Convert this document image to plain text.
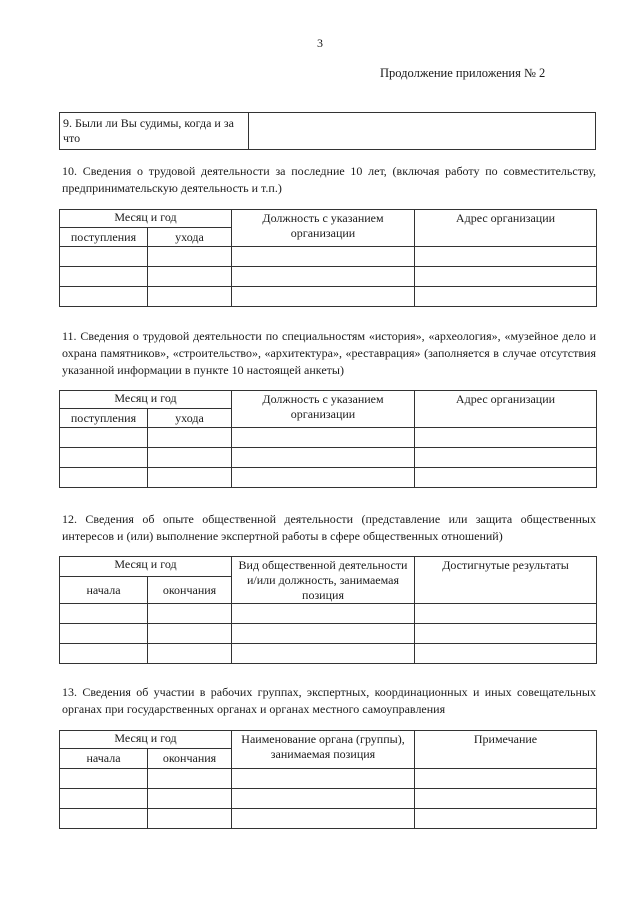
3
Продолжение приложения № 2
9. Были ли Вы судимы, когда и за что
10. Сведения о трудовой деятельности за последние 10 лет, (включая работу по совместительству, предпринимательскую деятельность и т.п.)
Месяц и год		Должность с указанием организации	Адрес организации
поступления	ухода		

11. Сведения о трудовой деятельности по специальностям «история», «археология», «музейное дело и охрана памятников», «строительство», «архитектура», «реставрация» (заполняется в случае отсутствия указанной информации в пункте 10 настоящей анкеты)
Месяц и год		Должность с указанием организации	Адрес организации
поступления	ухода		

12. Сведения об опыте общественной деятельности (представление или защита общественных интересов и (или) выполнение экспертной работы в сфере общественных отношений)
Месяц и год		Вид общественной деятельности и/или должность, занимаемая позиция	Достигнутые результаты
начала	окончания		

13. Сведения об участии в рабочих группах, экспертных, координационных и иных совещательных органах при государственных органах и органах местного самоуправления
Месяц и год		Наименование органа (группы), занимаемая позиция	Примечание
начала	окончания		
